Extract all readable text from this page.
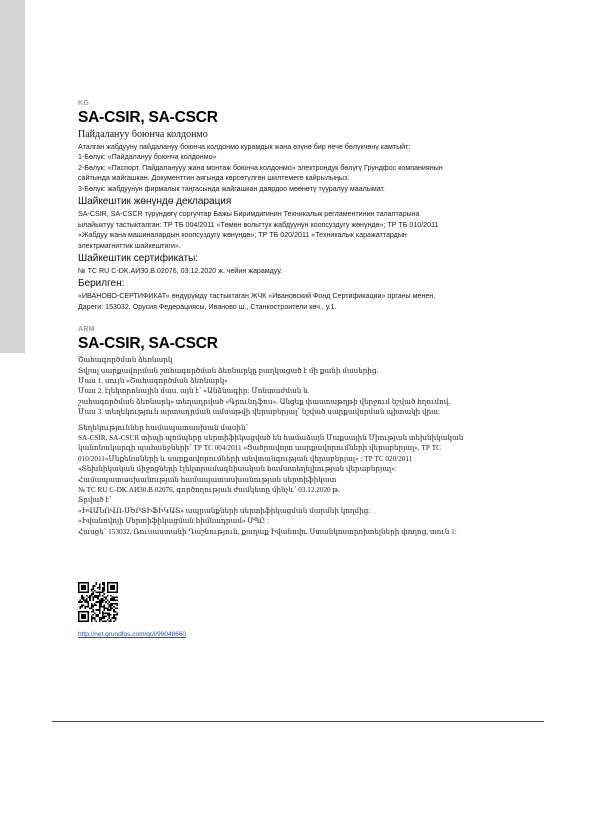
KG
SA-CSIR, SA-CSCR
Пайдалануу боюнча колдонмо
Аталган жабдууну пайдалануу боюнча колдонмо курамдык жана өзүнө бир нече бөлүкчөнү камтыйт:
1-Бөлүк: «Пайдалануу боюнча колдонмо»
2-Бөлүк: «Паспорт. Пайдаланууу жана монтаж боюнча колдонмо» электрондук бөлүгү Грундфос компаниянын
сайтында жайгашкан. Документтин аягында көрсөтүлгөн шилтемеге кайрылыңыз.
3-Бөлүк: жабдуунун фирмалык таңгасында жайгашкан даярдоо мөөнөтү түуралуу маалымат.
Шайкештик жөнүндө декларация
SA-CSIR, SA-CSCR түрүндөгү соргучтар Бажы Биримдигинин Техникалык регламентинин талаптарына
ылайыктуу тастыкталган: ТР ТБ 004/2011 «Төмөн вольттук жабдуунун коопсуздугу жөнүндө»; ТР ТБ 010/2011
«Жабдуу жана машиналардын коопсуздугу жөнүндө»; ТР ТБ 020/2011 «Техникалык каражаттардын
электрмагниттик шайкештиги».
Шайкештик сертификаты:
№ ТС RU С-DK.АИ30.В.02076, 03.12.2020 ж. чейин жарамдуу.
Берилген:
«ИВАНОВО-СЕРТИФИКАТ» өндүрүмдү тастыктаган ЖЧК «Ивановский Фонд Сертификации» органы менен.
Дареги: 153032, Орусия Федерациясы, Иваново ш., Станкостроители көч., у.1.
ARM
SA-CSIR, SA-CSCR
Շահագործման ձեռնարկ
Տվյալ սարքավորման շահագործման ձեռնարկը բաղկացած է մի քանի մասերից.
Մաս 1. սույն «Շահագործման ձեռնարկ»
Մաս 2. էլեկտրոնային մաս. այն է՝ «Անձնագիր: Մոնտաժման և
շահագործման ձեռնարկ» տեղադրված «Գրունդֆոս». Անցեք փաստաթղթի վերջում նշված հղումով.
Մաս 3. տեղեկություն արտադրման ամսաթվի վերաբերյալ՝ նշված սարքավորման պիտակի վրա:
Տեղեկություններ համապատասխան մասին՝
SA-CSIR, SA-CSCR տիպի պոմպերը սերտիֆիկացված են համաձայն Մաքսային Միության տեխնիկական
կանոնակարգի պահանջների՝ ТР ТС 004/2011 «Ցածրավոլտ սարքավորումների վերաբերյալ», ТР ТС
010/2011«Մեքենաների և սարքավորումների անվտանգության վերաբերյալ» ; ТР ТС 020/2011
«Տեխնիկական միջոցների էլեկտրամագնիսական համատեղելիության վերաբերյալ»:
Համապատասխանության համապատասխանության սերտիֆիկատ
№ ТС RU С-DK.АИ30.В.02076, գործողության ժամկետը մինչև՝ 03.12.2020 թ.
Տրված է՝
«ԻՎԱՆՈՎՈ-ՍԵՐՏԻՖԻԿԱՏ» ապրանքների սերտիֆիկացման մարմնի կողմից:
«Իվանովոյի Սերտիֆիկացման հիմնադրամ» ՍՊԸ :
Հասցե՝ 153032, Ռուսաստանի Դաշնություն, քաղաք Իվանովո, Ստանկոստրոիտելների փողոց, տուն 1:
http://net.grundfos.com/qr/i/99048660
